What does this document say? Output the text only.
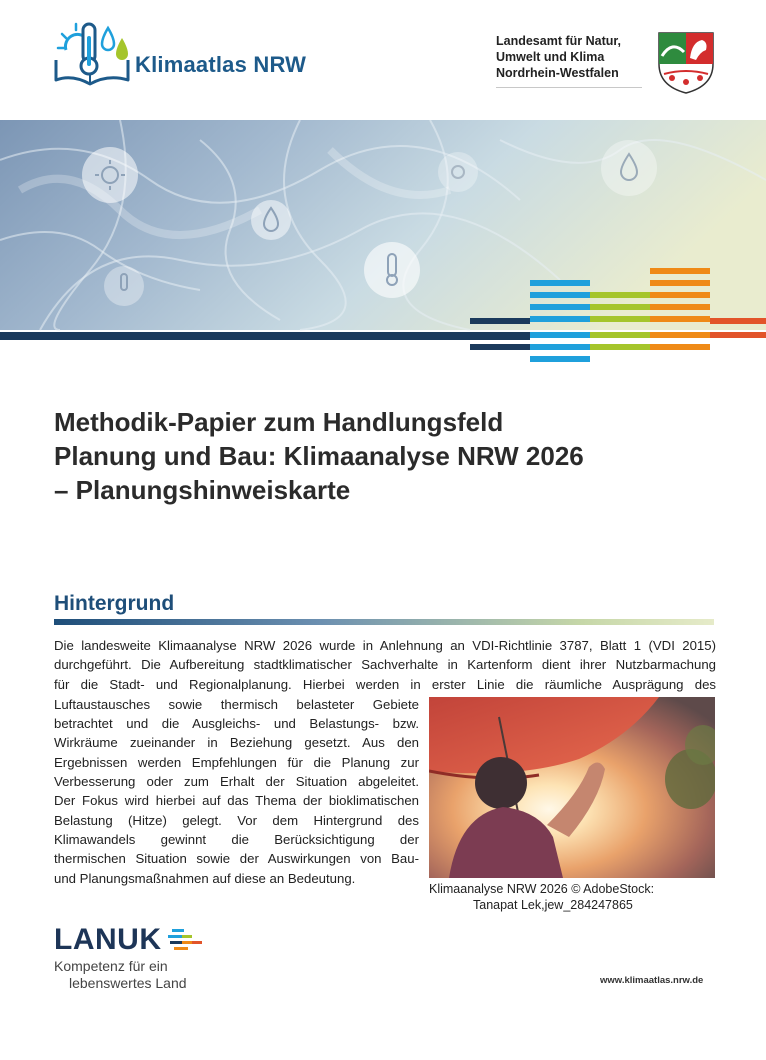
Klimaatlas NRW
Landesamt für Natur,
Umwelt und Klima
Nordrhein-Westfalen
Methodik-Papier zum Handlungsfeld
Planung und Bau: Klimaanalyse NRW 2026
– Planungshinweiskarte
Hintergrund
Die landesweite Klimaanalyse NRW 2026 wurde in Anlehnung an VDI-Richtlinie 3787, Blatt 1 (VDI 2015)
durchgeführt. Die Aufbereitung stadtklimatischer Sachverhalte in Kartenform dient ihrer Nutzbarmachung
für die Stadt- und Regionalplanung. Hierbei werden in erster Linie die räumliche Ausprägung des
Luftaustausches sowie thermisch belasteter Gebiete
betrachtet und die Ausgleichs- und Belastungs- bzw.
Wirkräume zueinander in Beziehung gesetzt. Aus den
Ergebnissen werden Empfehlungen für die Planung zur
Verbesserung oder zum Erhalt der Situation abgeleitet.
Der Fokus wird hierbei auf das Thema der bioklimatischen
Belastung (Hitze) gelegt. Vor dem Hintergrund des
Klimawandels gewinnt die Berücksichtigung der
thermischen Situation sowie der Auswirkungen von Bau-
und Planungsmaßnahmen auf diese an Bedeutung.
Klimaanalyse NRW 2026 © AdobeStock:
Tanapat Lek,jew_284247865
LANUK
Kompetenz für ein
lebenswertes Land	www.klimaatlas.nrw.de
